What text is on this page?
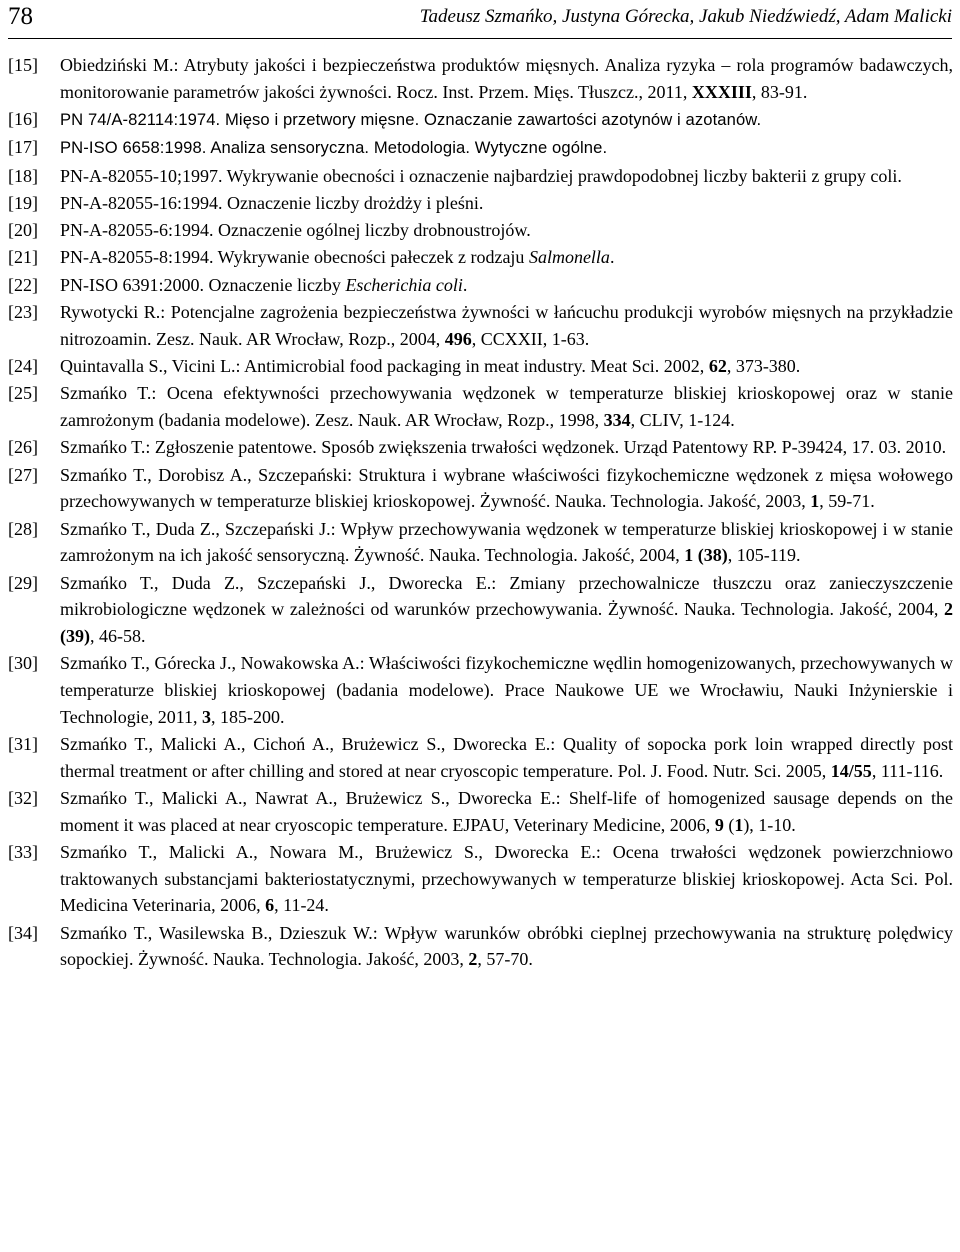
78	Tadeusz Szmańko, Justyna Górecka, Jakub Niedźwiedź, Adam Malicki
[15]	Obiedziński M.: Atrybuty jakości i bezpieczeństwa produktów mięsnych. Analiza ryzyka – rola programów badawczych, monitorowanie parametrów jakości żywności. Rocz. Inst. Przem. Mięs. Tłuszcz., 2011, XXXIII, 83-91.
[16]	PN 74/A-82114:1974. Mięso i przetwory mięsne. Oznaczanie zawartości azotynów i azotanów.
[17]	PN-ISO 6658:1998. Analiza sensoryczna. Metodologia. Wytyczne ogólne.
[18]	PN-A-82055-10;1997. Wykrywanie obecności i oznaczenie najbardziej prawdopodobnej liczby bakterii z grupy coli.
[19]	PN-A-82055-16:1994. Oznaczenie liczby drożdży i pleśni.
[20]	PN-A-82055-6:1994. Oznaczenie ogólnej liczby drobnoustrojów.
[21]	PN-A-82055-8:1994. Wykrywanie obecności pałeczek z rodzaju Salmonella.
[22]	PN-ISO 6391:2000. Oznaczenie liczby Escherichia coli.
[23]	Rywotycki R.: Potencjalne zagrożenia bezpieczeństwa żywności w łańcuchu produkcji wyrobów mięsnych na przykładzie nitrozoamin. Zesz. Nauk. AR Wrocław, Rozp., 2004, 496, CCXXII, 1-63.
[24]	Quintavalla S., Vicini L.: Antimicrobial food packaging in meat industry. Meat Sci. 2002, 62, 373-380.
[25]	Szmańko T.: Ocena efektywności przechowywania wędzonek w temperaturze bliskiej krioskopowej oraz w stanie zamrożonym (badania modelowe). Zesz. Nauk. AR Wrocław, Rozp., 1998, 334, CLIV, 1-124.
[26]	Szmańko T.: Zgłoszenie patentowe. Sposób zwiększenia trwałości wędzonek. Urząd Patentowy RP. P-39424, 17. 03. 2010.
[27]	Szmańko T., Dorobisz A., Szczepański: Struktura i wybrane właściwości fizykochemiczne wędzonek z mięsa wołowego przechowywanych w temperaturze bliskiej krioskopowej. Żywność. Nauka. Technologia. Jakość, 2003, 1, 59-71.
[28]	Szmańko T., Duda Z., Szczepański J.: Wpływ przechowywania wędzonek w temperaturze bliskiej krioskopowej i w stanie zamrożonym na ich jakość sensoryczną. Żywność. Nauka. Technologia. Jakość, 2004, 1 (38), 105-119.
[29]	Szmańko T., Duda Z., Szczepański J., Dworecka E.: Zmiany przechowalnicze tłuszczu oraz zanieczyszczenie mikrobiologiczne wędzonek w zależności od warunków przechowywania. Żywność. Nauka. Technologia. Jakość, 2004, 2 (39), 46-58.
[30]	Szmańko T., Górecka J., Nowakowska A.: Właściwości fizykochemiczne wędlin homogenizowanych, przechowywanych w temperaturze bliskiej krioskopowej (badania modelowe). Prace Naukowe UE we Wrocławiu, Nauki Inżynierskie i Technologie, 2011, 3, 185-200.
[31]	Szmańko T., Malicki A., Cichoń A., Brużewicz S., Dworecka E.: Quality of sopocka pork loin wrapped directly post thermal treatment or after chilling and stored at near cryoscopic temperature. Pol. J. Food. Nutr. Sci. 2005, 14/55, 111-116.
[32]	Szmańko T., Malicki A., Nawrat A., Brużewicz S., Dworecka E.: Shelf-life of homogenized sausage depends on the moment it was placed at near cryoscopic temperature. EJPAU, Veterinary Medicine, 2006, 9 (1), 1-10.
[33]	Szmańko T., Malicki A., Nowara M., Brużewicz S., Dworecka E.: Ocena trwałości wędzonek powierzchniowo traktowanych substancjami bakteriostatycznymi, przechowywanych w temperaturze bliskiej krioskopowej. Acta Sci. Pol. Medicina Veterinaria, 2006, 6, 11-24.
[34]	Szmańko T., Wasilewska B., Dzieszuk W.: Wpływ warunków obróbki cieplnej przechowywania na strukturę polędwicy sopockiej. Żywność. Nauka. Technologia. Jakość, 2003, 2, 57-70.
